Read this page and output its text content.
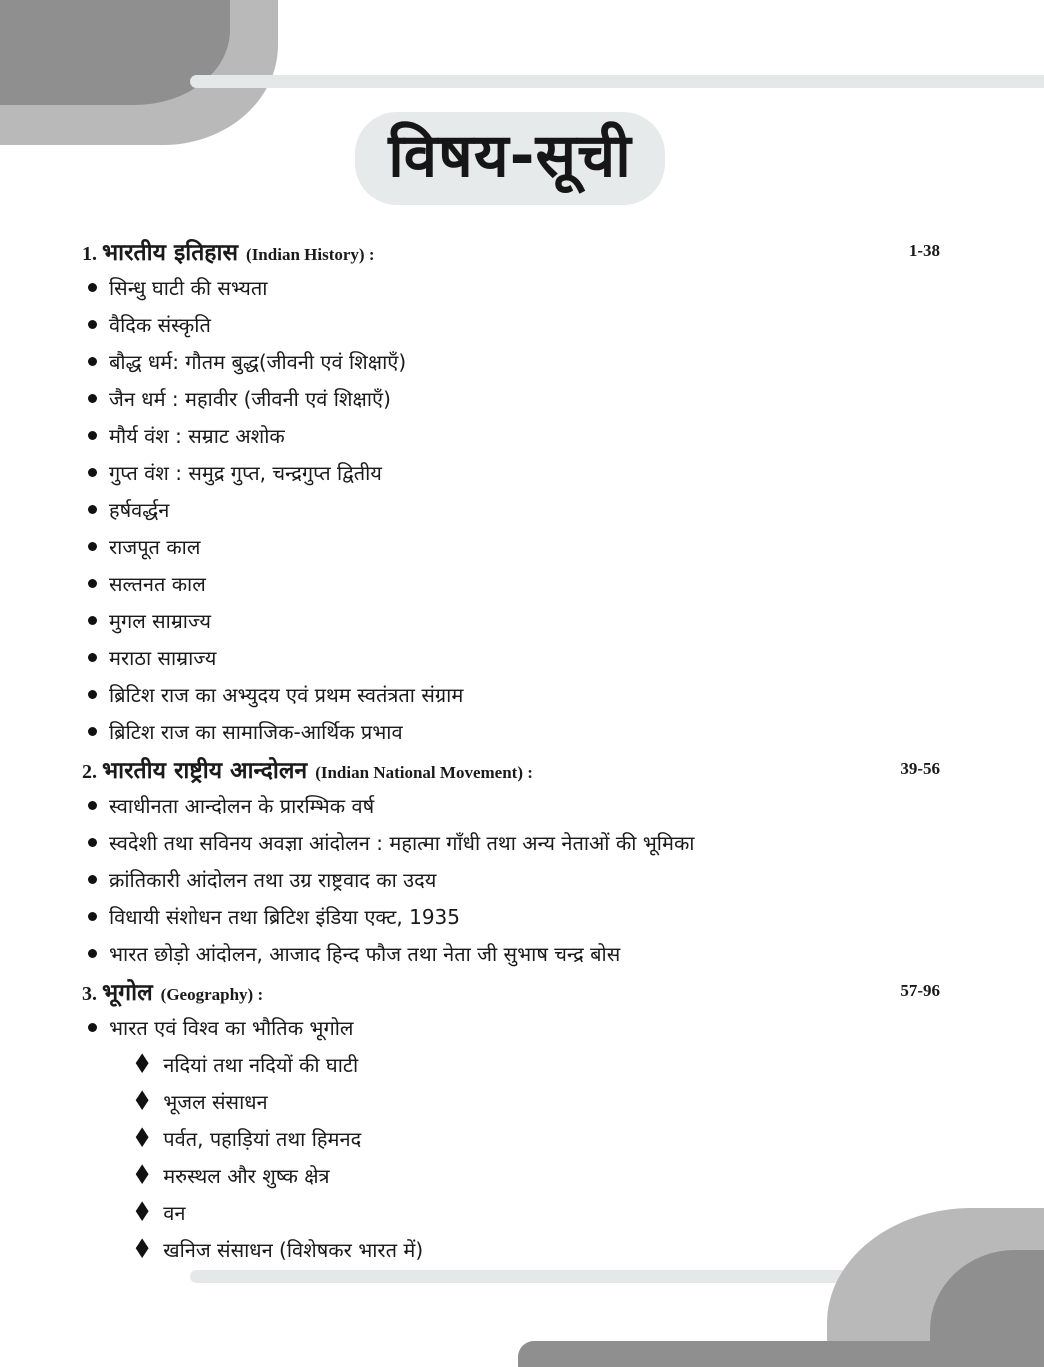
विषय-सूची
1. भारतीय इतिहास (Indian History) :	1-38
सिन्धु घाटी की सभ्यता
वैदिक संस्कृति
बौद्ध धर्म: गौतम बुद्ध(जीवनी एवं शिक्षाएँ)
जैन धर्म : महावीर (जीवनी एवं शिक्षाएँ)
मौर्य वंश : सम्राट अशोक
गुप्त वंश : समुद्र गुप्त, चन्द्रगुप्त द्वितीय
हर्षवर्द्धन
राजपूत काल
सल्तनत काल
मुगल साम्राज्य
मराठा साम्राज्य
ब्रिटिश राज का अभ्युदय एवं प्रथम स्वतंत्रता संग्राम
ब्रिटिश राज का सामाजिक-आर्थिक प्रभाव
2. भारतीय राष्ट्रीय आन्दोलन (Indian National Movement) :	39-56
स्वाधीनता आन्दोलन के प्रारम्भिक वर्ष
स्वदेशी तथा सविनय अवज्ञा आंदोलन : महात्मा गाँधी तथा अन्य नेताओं की भूमिका
क्रांतिकारी आंदोलन तथा उग्र राष्ट्रवाद का उदय
विधायी संशोधन तथा ब्रिटिश इंडिया एक्ट, 1935
भारत छोड़ो आंदोलन, आजाद हिन्द फौज तथा नेता जी सुभाष चन्द्र बोस
3. भूगोल (Geography) :	57-96
भारत एवं विश्व का भौतिक भूगोल
♦ नदियां तथा नदियों की घाटी
♦ भूजल संसाधन
♦ पर्वत, पहाड़ियां तथा हिमनद
♦ मरुस्थल और शुष्क क्षेत्र
♦ वन
♦ खनिज संसाधन (विशेषकर भारत में)
